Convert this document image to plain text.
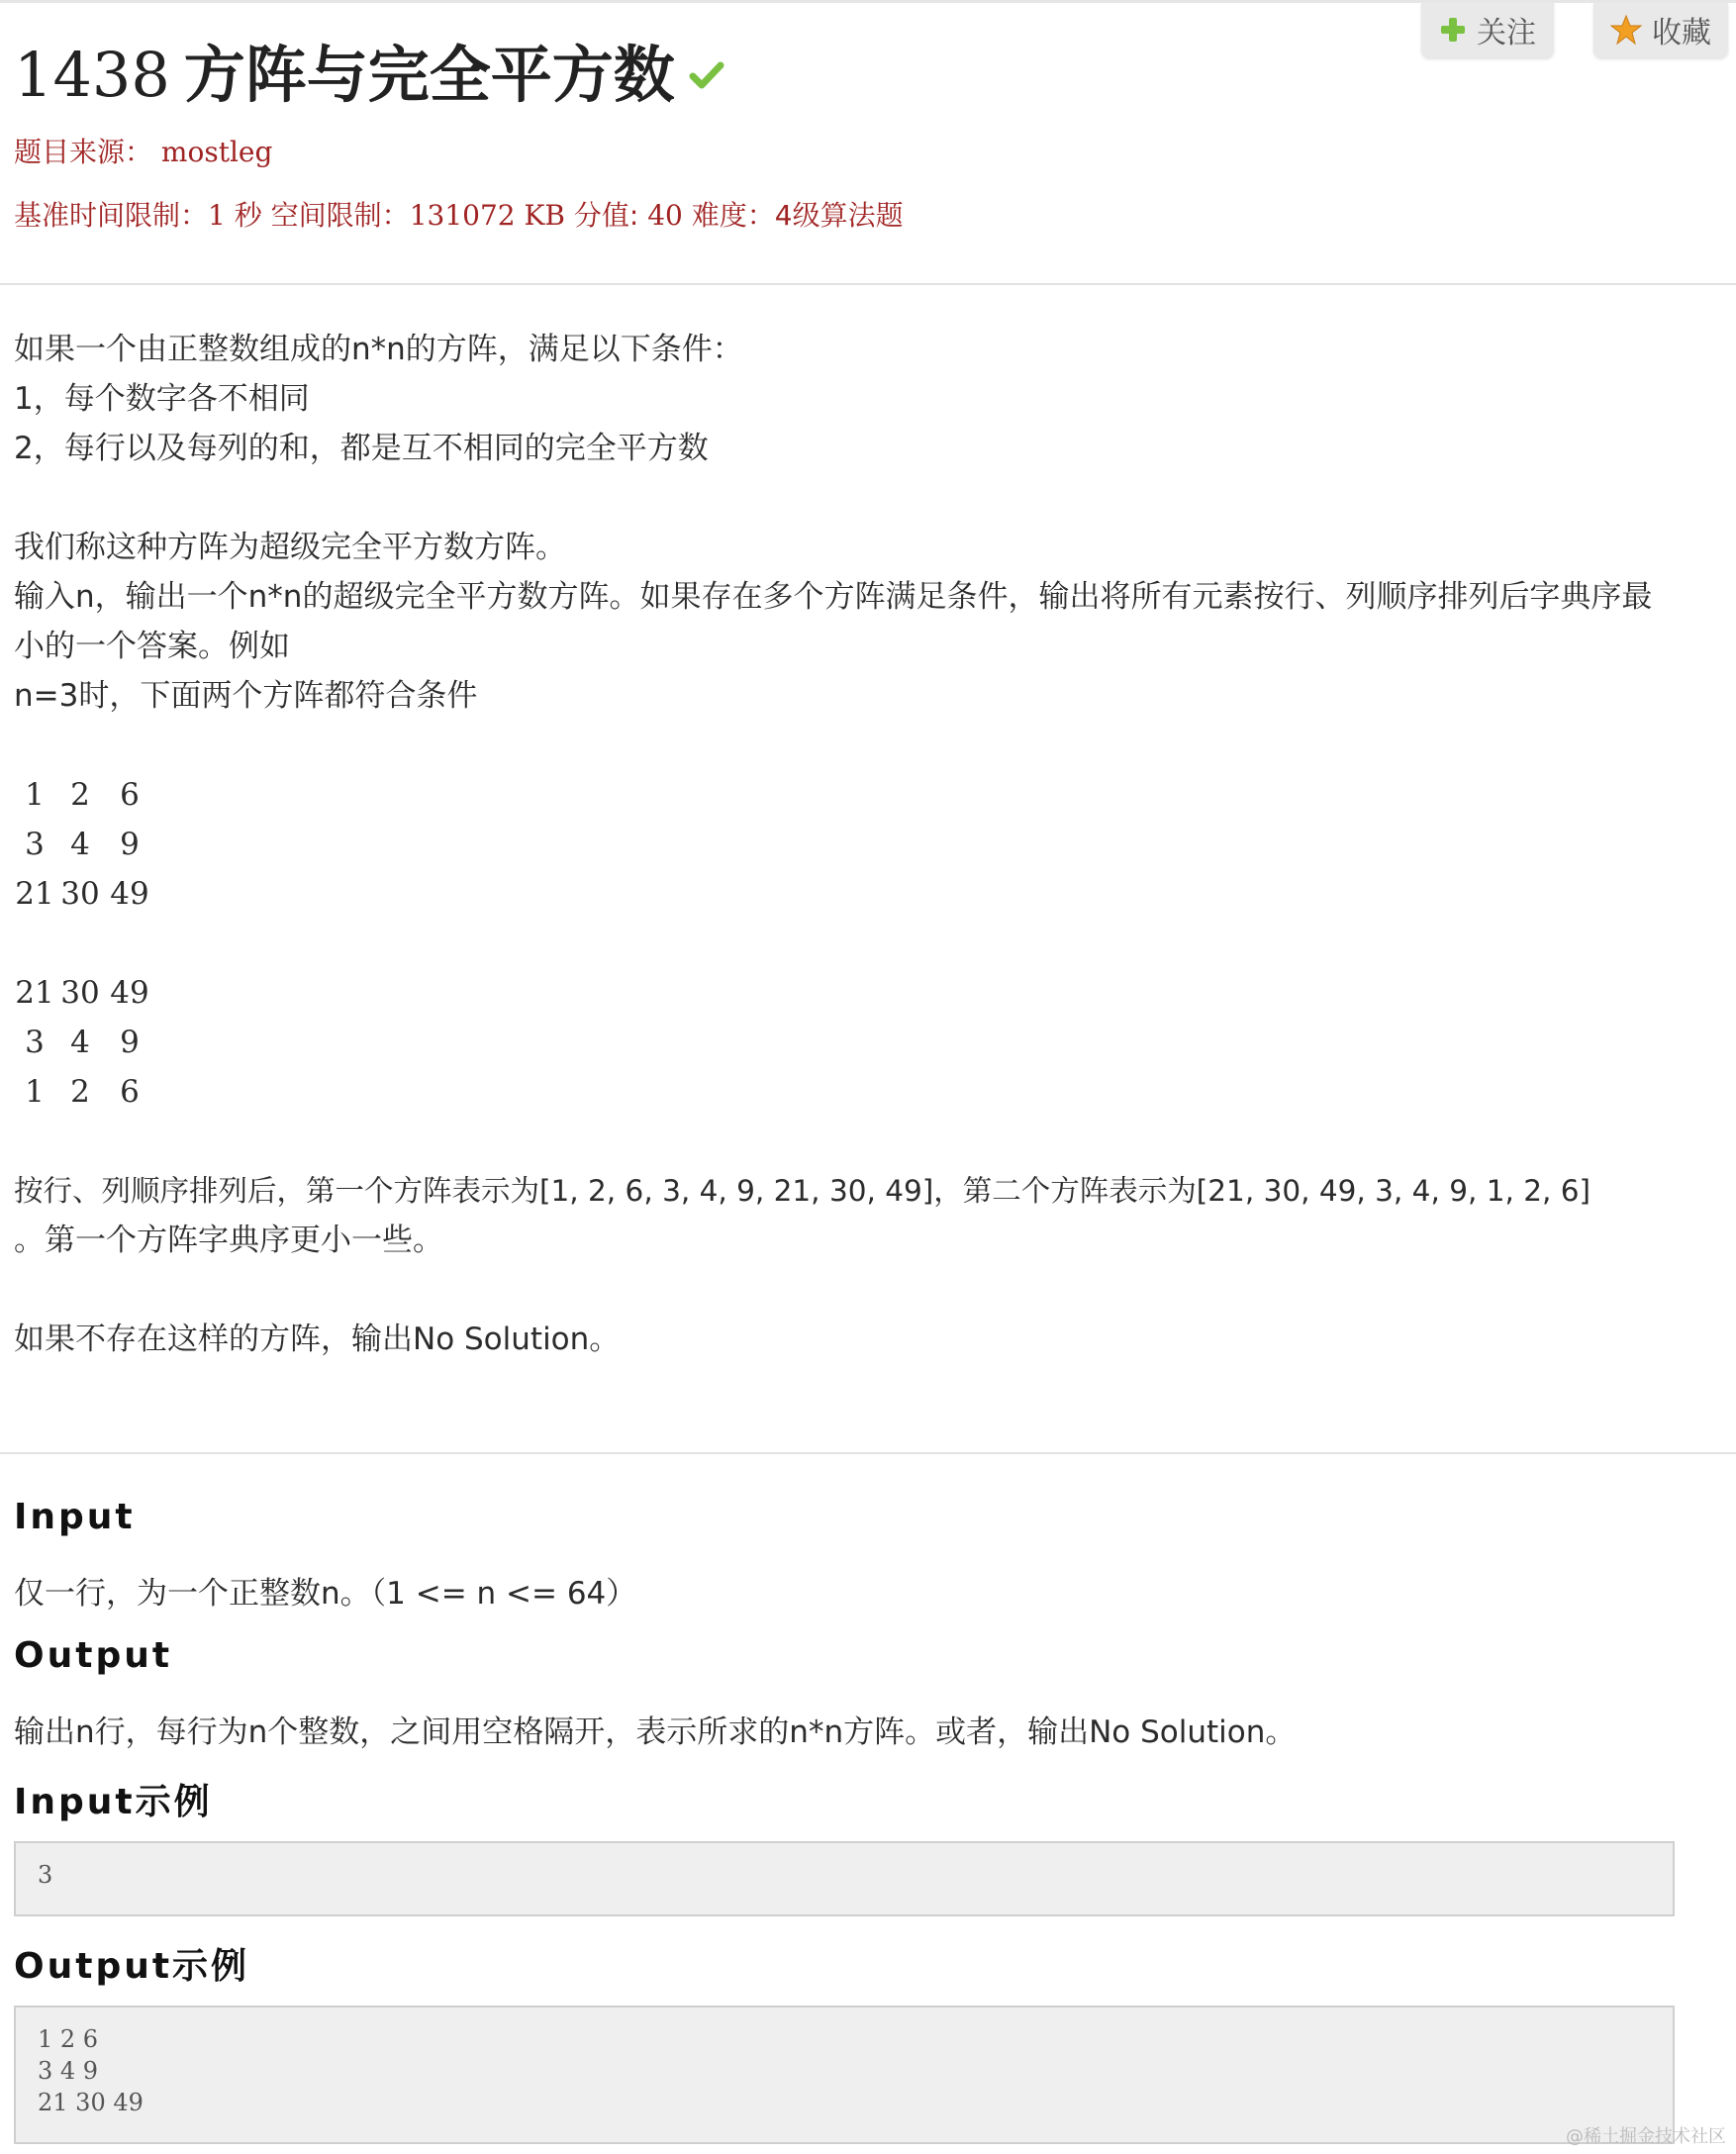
关注	收藏
1438 方阵与完全平方数
题目来源： mostleg
基准时间限制：1 秒 空间限制：131072 KB 分值: 40 难度：4级算法题
如果一个由正整数组成的n*n的方阵，满足以下条件：
1，每个数字各不相同
2，每行以及每列的和，都是互不相同的完全平方数
我们称这种方阵为超级完全平方数方阵。
输入n，输出一个n*n的超级完全平方数方阵。如果存在多个方阵满足条件，输出将所有元素按行、列顺序排列后字典序最
小的一个答案。例如
n=3时，下面两个方阵都符合条件
1 2 6
3 4 9
21 30 49
21 30 49
3 4 9
1 2 6
按行、列顺序排列后，第一个方阵表示为[1, 2, 6, 3, 4, 9, 21, 30, 49]，第二个方阵表示为[21, 30, 49, 3, 4, 9, 1, 2, 6]
。第一个方阵字典序更小一些。
如果不存在这样的方阵，输出No Solution。
Input
仅一行，为一个正整数n。（1 <= n <= 64）
Output
输出n行，每行为n个整数，之间用空格隔开，表示所求的n*n方阵。或者，输出No Solution。
Input示例
3
Output示例
1 2 6
3 4 9
21 30 49
@稀土掘金技术社区
